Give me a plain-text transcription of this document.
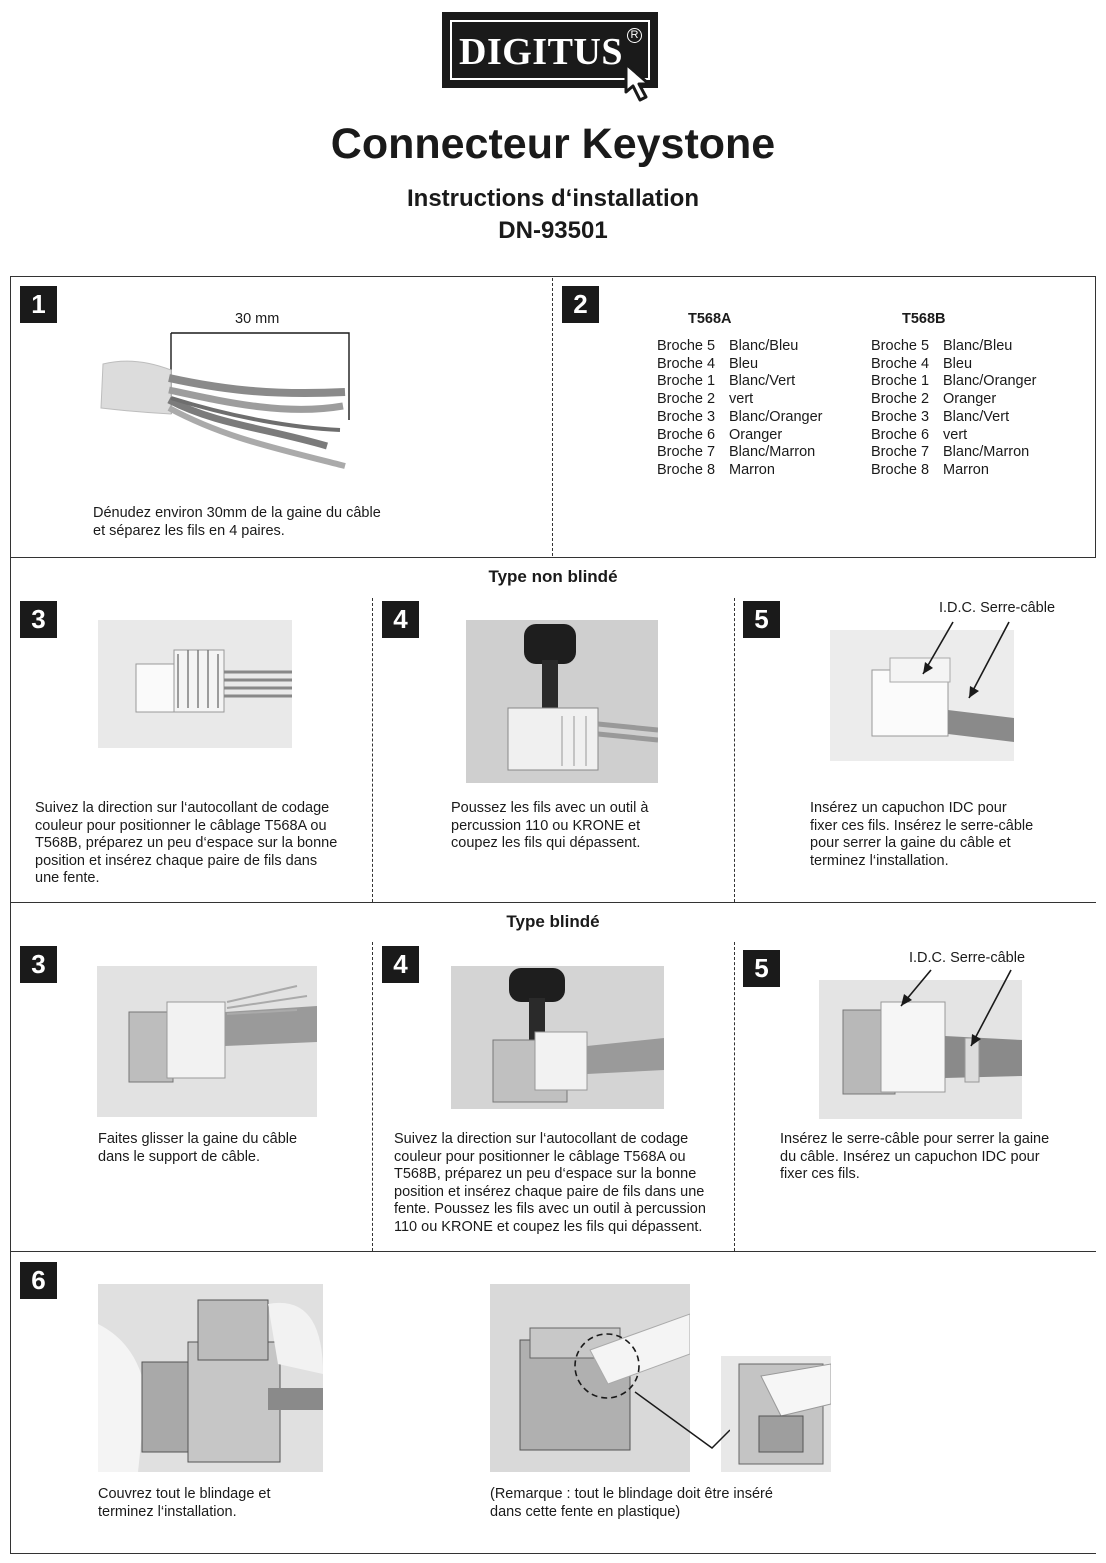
DIGITUS R
Connecteur Keystone
Instructions d‘installation
DN-93501
1	30 mm
Dénudez environ 30mm de la gaine du câble
et séparez les fils en 4 paires.
2	T568A
Broche 5 Blanc/Bleu
Broche 4 Bleu
Broche 1 Blanc/Vert
Broche 2 vert
Broche 3 Blanc/Oranger
Broche 6 Oranger
Broche 7 Blanc/Marron
Broche 8 Marron
T568B
Broche 5 Blanc/Bleu
Broche 4 Bleu
Broche 1 Blanc/Oranger
Broche 2 Oranger
Broche 3 Blanc/Vert
Broche 6 vert
Broche 7 Blanc/Marron
Broche 8 Marron
Type non blindé
3
Suivez la direction sur l‘autocollant de codage
couleur pour positionner le câblage T568A ou
T568B, préparez un peu d‘espace sur la bonne
position et insérez chaque paire de fils dans
une fente.
4
Poussez les fils avec un outil à
percussion 110 ou KRONE et
coupez les fils qui dépassent.
5	I.D.C. Serre-câble
Insérez un capuchon IDC pour
fixer ces fils. Insérez le serre-câble
pour serrer la gaine du câble et
terminez l‘installation.
Type blindé
3
Faites glisser la gaine du câble
dans le support de câble.
4
Suivez la direction sur l‘autocollant de codage
couleur pour positionner le câblage T568A ou
T568B, préparez un peu d‘espace sur la bonne
position et insérez chaque paire de fils dans une
fente. Poussez les fils avec un outil à percussion
110 ou KRONE et coupez les fils qui dépassent.
5	I.D.C. Serre-câble
Insérez le serre-câble pour serrer la gaine
du câble. Insérez un capuchon IDC pour
fixer ces fils.
6
Couvrez tout le blindage et
terminez l‘installation.
(Remarque : tout le blindage doit être inséré
dans cette fente en plastique)
